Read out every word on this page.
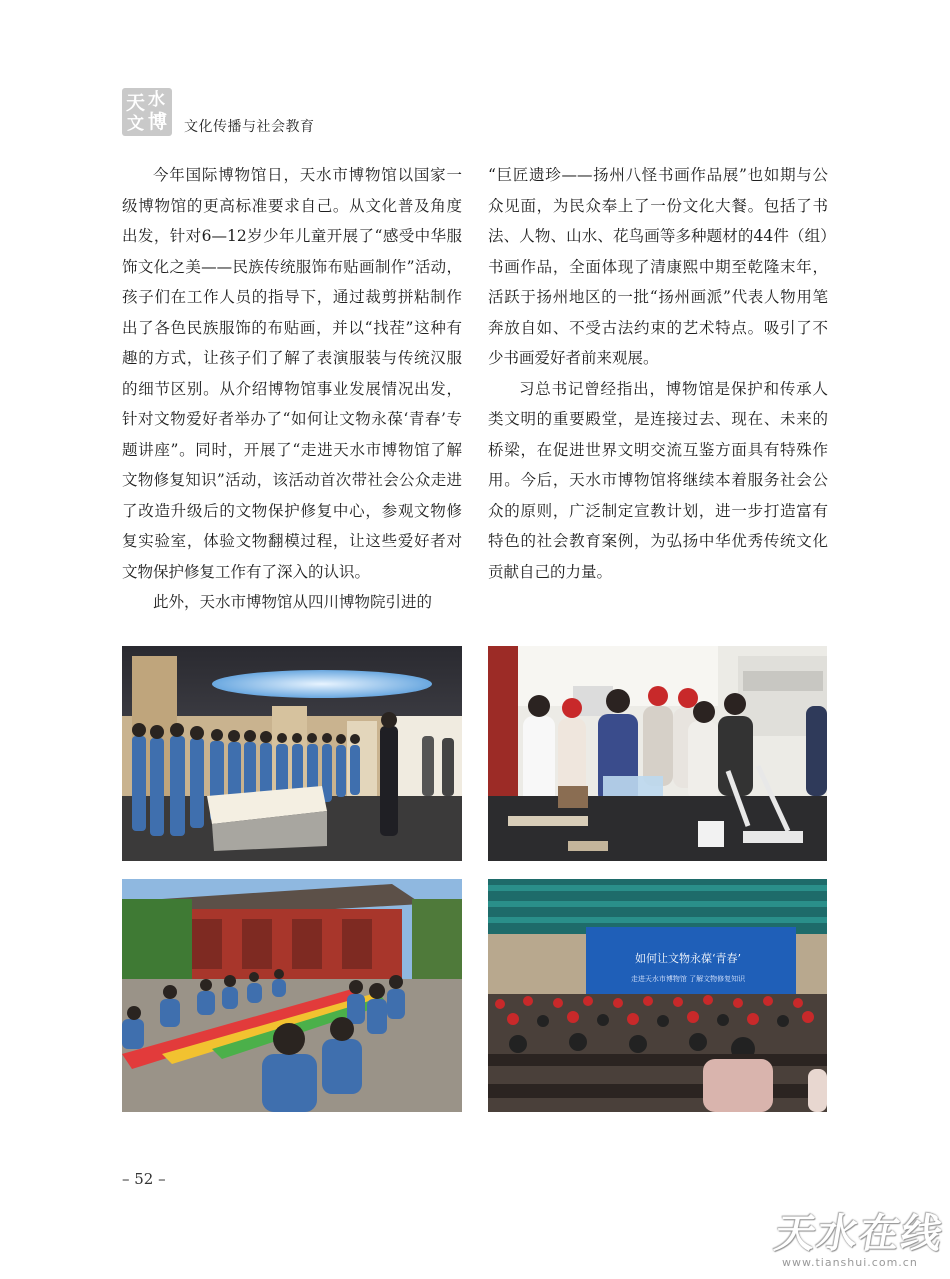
天 水
文 博 文化传播与社会教育

今年国际博物馆日，天水市博物馆以国家一级博物馆的更高标准要求自己。从文化普及角度出发，针对6—12岁少年儿童开展了“感受中华服饰文化之美——民族传统服饰布贴画制作”活动，孩子们在工作人员的指导下，通过裁剪拼粘制作出了各色民族服饰的布贴画，并以“找茬”这种有趣的方式，让孩子们了解了表演服装与传统汉服的细节区别。从介绍博物馆事业发展情况出发，针对文物爱好者举办了“如何让文物永葆‘青春’专题讲座”。同时，开展了“走进天水市博物馆了解文物修复知识”活动，该活动首次带社会公众走进了改造升级后的文物保护修复中心，参观文物修复实验室，体验文物翻模过程，让这些爱好者对文物保护修复工作有了深入的认识。

此外，天水市博物馆从四川博物院引进的

“巨匠遗珍——扬州八怪书画作品展”也如期与公众见面，为民众奉上了一份文化大餐。包括了书法、人物、山水、花鸟画等多种题材的44件（组）书画作品，全面体现了清康熙中期至乾隆末年，活跃于扬州地区的一批“扬州画派”代表人物用笔奔放自如、不受古法约束的艺术特点。吸引了不少书画爱好者前来观展。

习总书记曾经指出，博物馆是保护和传承人类文明的重要殿堂，是连接过去、现在、未来的桥梁，在促进世界文明交流互鉴方面具有特殊作用。今后，天水市博物馆将继续本着服务社会公众的原则，广泛制定宣教计划，进一步打造富有特色的社会教育案例，为弘扬中华优秀传统文化贡献自己的力量。

如何让文物永葆‘青春’
走进天水市博物馆 了解文物修复知识
– 52 –
天水在线
www.tianshui.com.cn
